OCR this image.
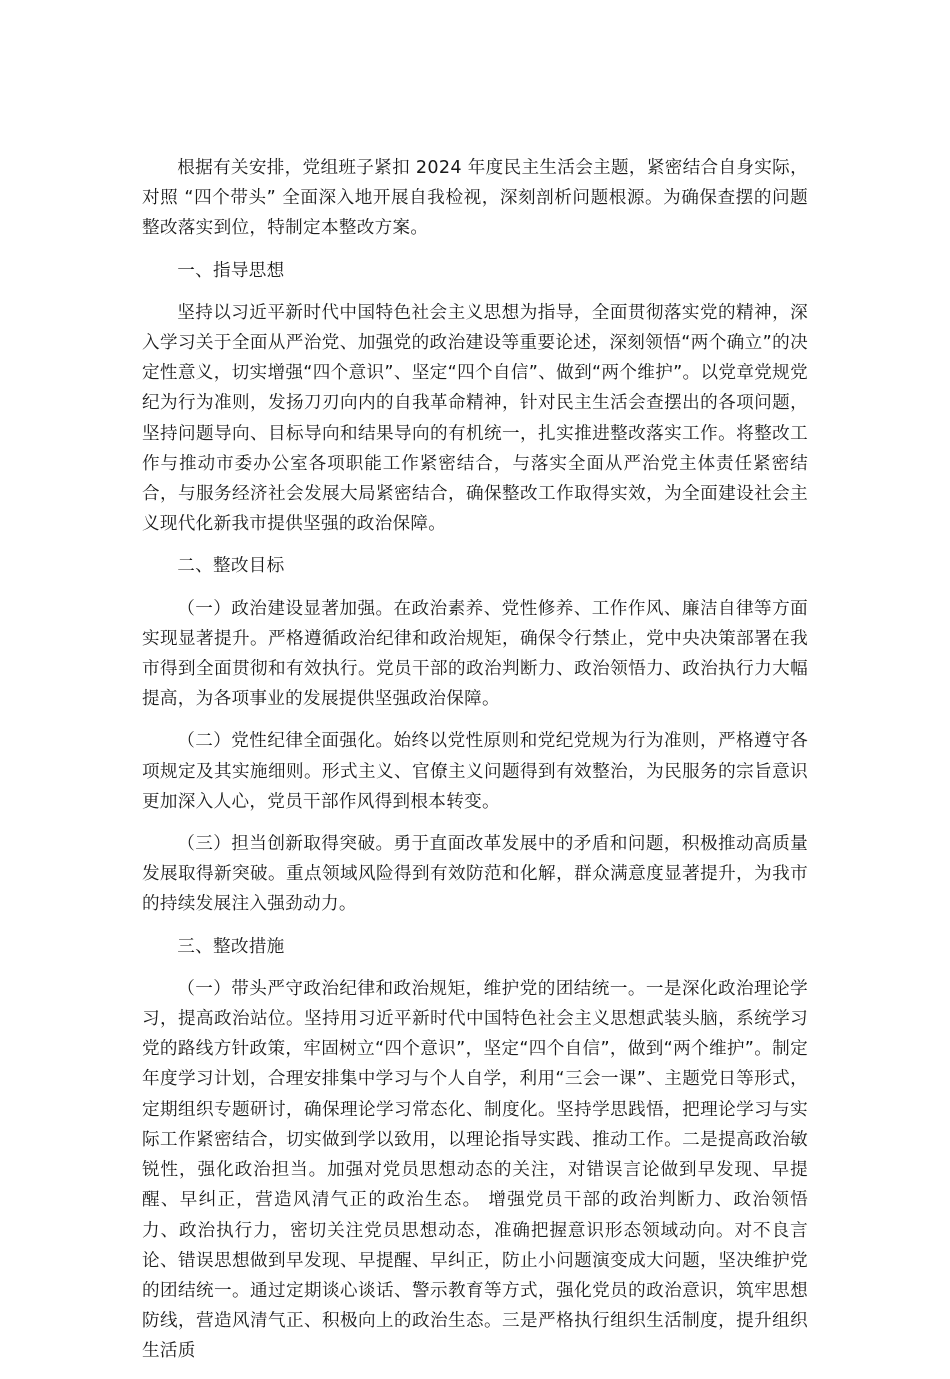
根据有关安排，党组班子紧扣 2024 年度民主生活会主题，紧密结合自身实际，对照 “四个带头” 全面深入地开展自我检视，深刻剖析问题根源。为确保查摆的问题整改落实到位，特制定本整改方案。

一、指导思想

坚持以习近平新时代中国特色社会主义思想为指导，全面贯彻落实党的精神，深入学习关于全面从严治党、加强党的政治建设等重要论述，深刻领悟“两个确立”的决定性意义，切实增强“四个意识”、坚定“四个自信”、做到“两个维护”。以党章党规党纪为行为准则，发扬刀刃向内的自我革命精神，针对民主生活会查摆出的各项问题，坚持问题导向、目标导向和结果导向的有机统一，扎实推进整改落实工作。将整改工作与推动市委办公室各项职能工作紧密结合，与落实全面从严治党主体责任紧密结合，与服务经济社会发展大局紧密结合，确保整改工作取得实效，为全面建设社会主义现代化新我市提供坚强的政治保障。

二、整改目标

（一）政治建设显著加强。在政治素养、党性修养、工作作风、廉洁自律等方面实现显著提升。严格遵循政治纪律和政治规矩，确保令行禁止，党中央决策部署在我市得到全面贯彻和有效执行。党员干部的政治判断力、政治领悟力、政治执行力大幅提高，为各项事业的发展提供坚强政治保障。

（二）党性纪律全面强化。始终以党性原则和党纪党规为行为准则，严格遵守各项规定及其实施细则。形式主义、官僚主义问题得到有效整治，为民服务的宗旨意识更加深入人心，党员干部作风得到根本转变。

（三）担当创新取得突破。勇于直面改革发展中的矛盾和问题，积极推动高质量发展取得新突破。重点领域风险得到有效防范和化解，群众满意度显著提升，为我市的持续发展注入强劲动力。

三、整改措施

（一）带头严守政治纪律和政治规矩，维护党的团结统一。一是深化政治理论学习，提高政治站位。坚持用习近平新时代中国特色社会主义思想武装头脑，系统学习党的路线方针政策，牢固树立“四个意识”，坚定“四个自信”，做到“两个维护”。制定年度学习计划，合理安排集中学习与个人自学，利用“三会一课”、主题党日等形式，定期组织专题研讨，确保理论学习常态化、制度化。坚持学思践悟，把理论学习与实际工作紧密结合，切实做到学以致用，以理论指导实践、推动工作。二是提高政治敏锐性，强化政治担当。加强对党员思想动态的关注，对错误言论做到早发现、早提醒、早纠正，营造风清气正的政治生态。 增强党员干部的政治判断力、政治领悟力、政治执行力，密切关注党员思想动态，准确把握意识形态领域动向。对不良言论、错误思想做到早发现、早提醒、早纠正，防止小问题演变成大问题，坚决维护党的团结统一。通过定期谈心谈话、警示教育等方式，强化党员的政治意识，筑牢思想防线，营造风清气正、积极向上的政治生态。三是严格执行组织生活制度，提升组织生活质
